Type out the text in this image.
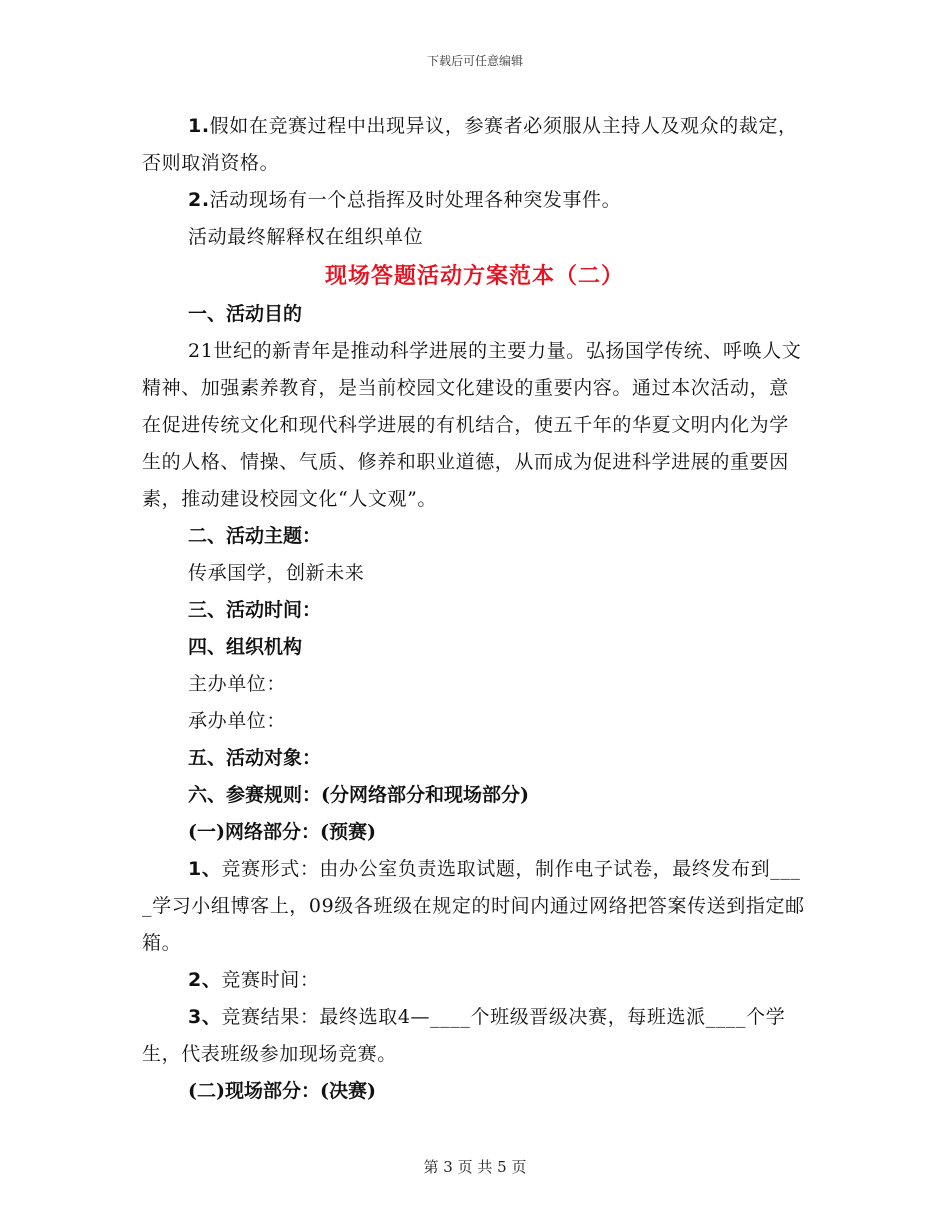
下载后可任意编辑

1.假如在竞赛过程中出现异议，参赛者必须服从主持人及观众的裁定，否则取消资格。

2.活动现场有一个总指挥及时处理各种突发事件。

活动最终解释权在组织单位

现场答题活动方案范本（二）

一、活动目的

21世纪的新青年是推动科学进展的主要力量。弘扬国学传统、呼唤人文精神、加强素养教育，是当前校园文化建设的重要内容。通过本次活动，意在促进传统文化和现代科学进展的有机结合，使五千年的华夏文明内化为学生的人格、情操、气质、修养和职业道德，从而成为促进科学进展的重要因素，推动建设校园文化“人文观”。

二、活动主题：

传承国学，创新未来

三、活动时间：

四、组织机构

主办单位：

承办单位：

五、活动对象：

六、参赛规则：(分网络部分和现场部分)

(一)网络部分：(预赛)

1、竞赛形式：由办公室负责选取试题，制作电子试卷，最终发布到____学习小组博客上，09级各班级在规定的时间内通过网络把答案传送到指定邮箱。

2、竞赛时间：

3、竞赛结果：最终选取4—____个班级晋级决赛，每班选派____个学生，代表班级参加现场竞赛。

(二)现场部分：(决赛)

第 3 页 共 5 页
